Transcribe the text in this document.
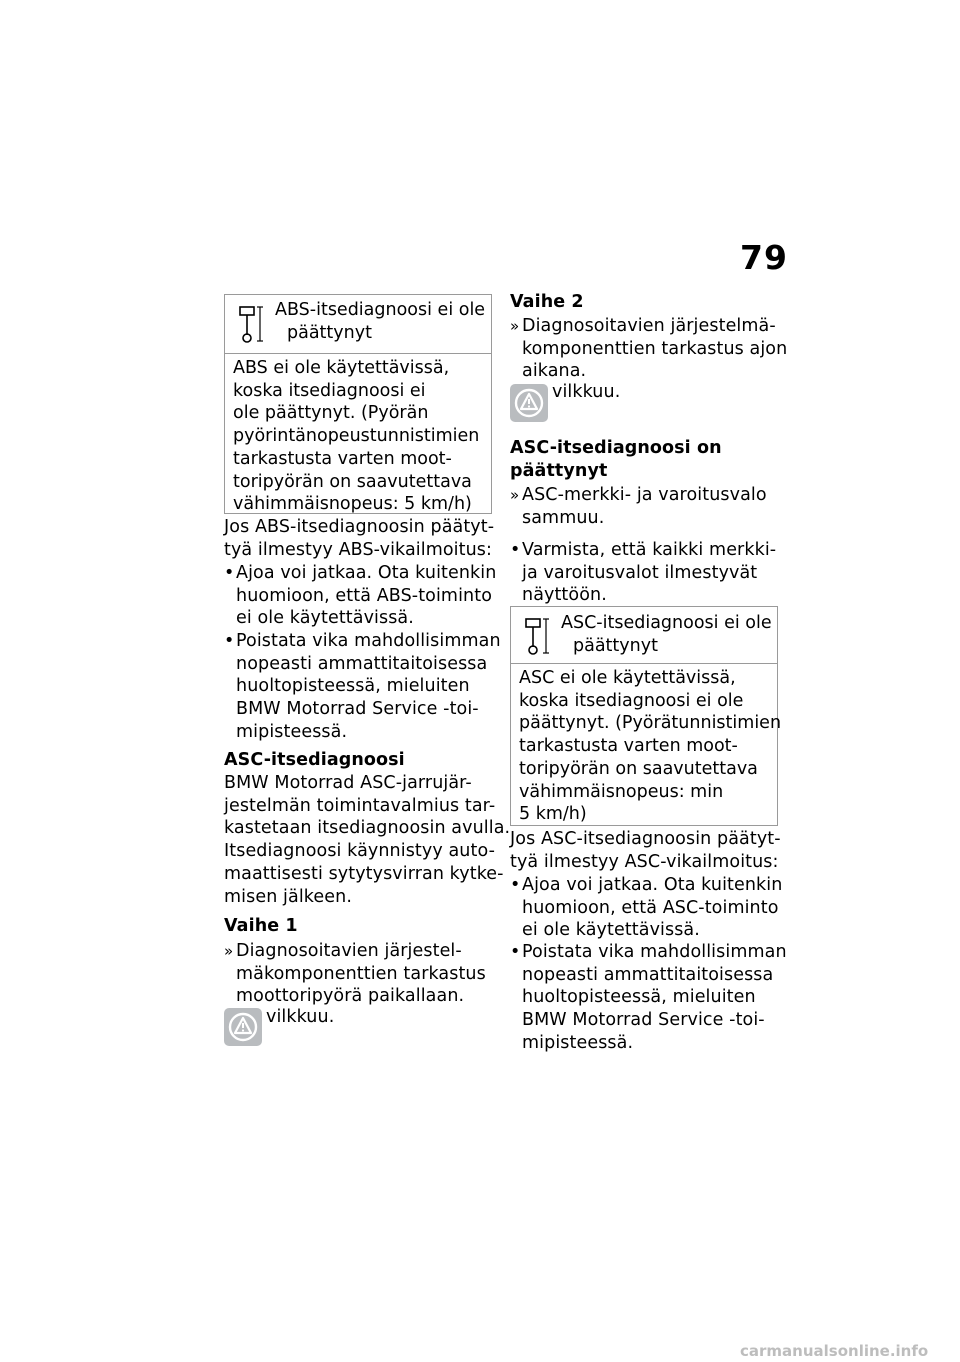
79
ABS-itsediagnoosi ei ole
päättynyt
ABS ei ole käytettävissä,
koska itsediagnoosi ei
ole päättynyt. (Pyörän
pyörintänopeustunnistimien
tarkastusta varten moot-
toripyörän on saavutettava
vähimmäisnopeus: 5 km/h)
Jos ABS-itsediagnoosin päätyt-
tyä ilmestyy ABS-vikailmoitus:
• Ajoa voi jatkaa. Ota kuitenkin
huomioon, että ABS-toiminto
ei ole käytettävissä.
• Poistata vika mahdollisimman
nopeasti ammattitaitoisessa
huoltopisteessä, mieluiten
BMW Motorrad Service -toi-
mipisteessä.
ASC-itsediagnoosi
BMW Motorrad ASC-jarrujär-
jestelmän toimintavalmius tar-
kastetaan itsediagnoosin avulla.
Itsediagnoosi käynnistyy auto-
maattisesti sytytysvirran kytke-
misen jälkeen.
Vaihe 1
» Diagnosoitavien järjestel-
mäkomponenttien tarkastus
moottoripyörä paikallaan.
vilkkuu.
Vaihe 2
» Diagnosoitavien järjestelmä-
komponenttien tarkastus ajon
aikana.
vilkkuu.
ASC-itsediagnoosi on
päättynyt
» ASC-merkki- ja varoitusvalo
sammuu.
• Varmista, että kaikki merkki-
ja varoitusvalot ilmestyvät
näyttöön.
ASC-itsediagnoosi ei ole
päättynyt
ASC ei ole käytettävissä,
koska itsediagnoosi ei ole
päättynyt. (Pyörätunnistimien
tarkastusta varten moot-
toripyörän on saavutettava
vähimmäisnopeus: min
5 km/h)
Jos ASC-itsediagnoosin päätyt-
tyä ilmestyy ASC-vikailmoitus:
• Ajoa voi jatkaa. Ota kuitenkin
huomioon, että ASC-toiminto
ei ole käytettävissä.
• Poistata vika mahdollisimman
nopeasti ammattitaitoisessa
huoltopisteessä, mieluiten
BMW Motorrad Service -toi-
mipisteessä.
carmanualsonline.info
